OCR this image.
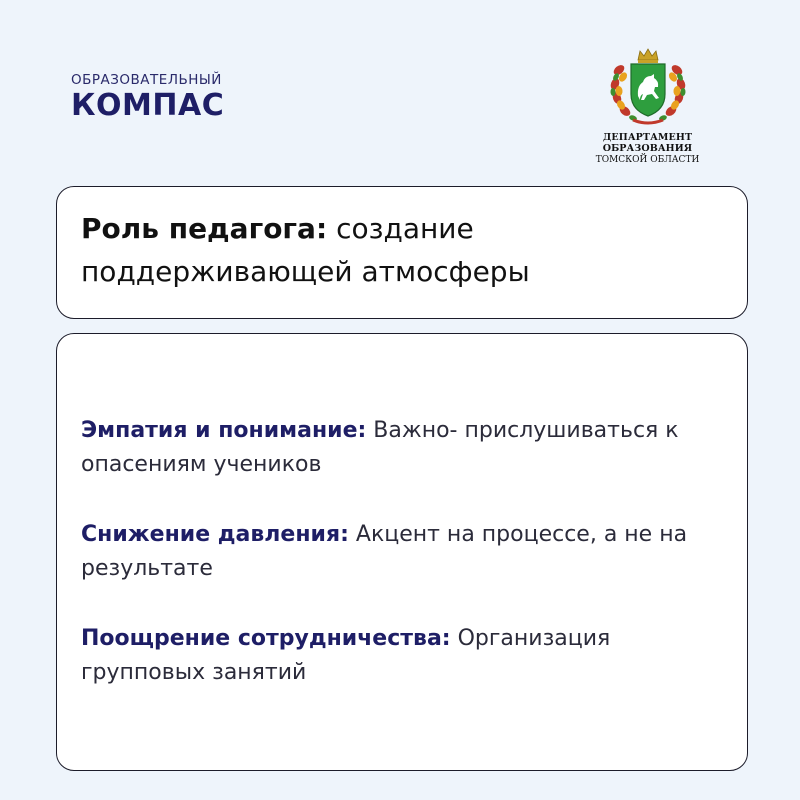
ОБРАЗОВАТЕЛЬНЫЙ
КОМПАС
ДЕПАРТАМЕНТ ОБРАЗОВАНИЯ
ТОМСКОЙ ОБЛАСТИ
Роль педагога: создание поддерживающей атмосферы
Эмпатия и понимание: Важно- прислушиваться к опасениям учеников
Снижение давления: Акцент на процессе, а не на результате
Поощрение сотрудничества: Организация групповых занятий
